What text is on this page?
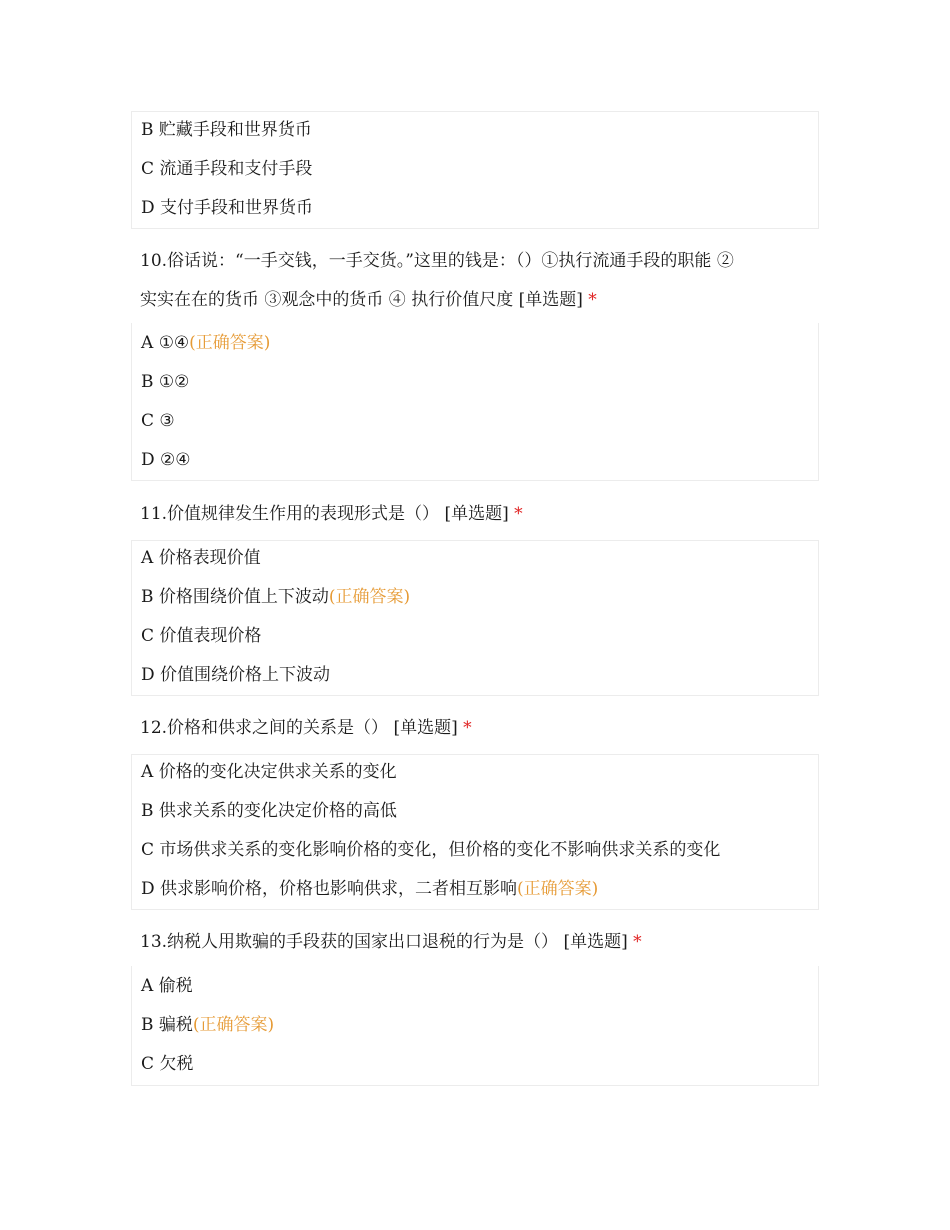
B 贮藏手段和世界货币
C 流通手段和支付手段
D 支付手段和世界货币
10.俗话说：“一手交钱，一手交货。”这里的钱是：（）①执行流通手段的职能 ②
实实在在的货币 ③观念中的货币 ④ 执行价值尺度 [单选题] *
A ①④(正确答案)
B ①②
C ③
D ②④
11.价值规律发生作用的表现形式是（） [单选题] *
A 价格表现价值
B 价格围绕价值上下波动(正确答案)
C 价值表现价格
D 价值围绕价格上下波动
12.价格和供求之间的关系是（） [单选题] *
A 价格的变化决定供求关系的变化
B 供求关系的变化决定价格的高低
C 市场供求关系的变化影响价格的变化，但价格的变化不影响供求关系的变化
D 供求影响价格，价格也影响供求，二者相互影响(正确答案)
13.纳税人用欺骗的手段获的国家出口退税的行为是（） [单选题] *
A 偷税
B 骗税(正确答案)
C 欠税
